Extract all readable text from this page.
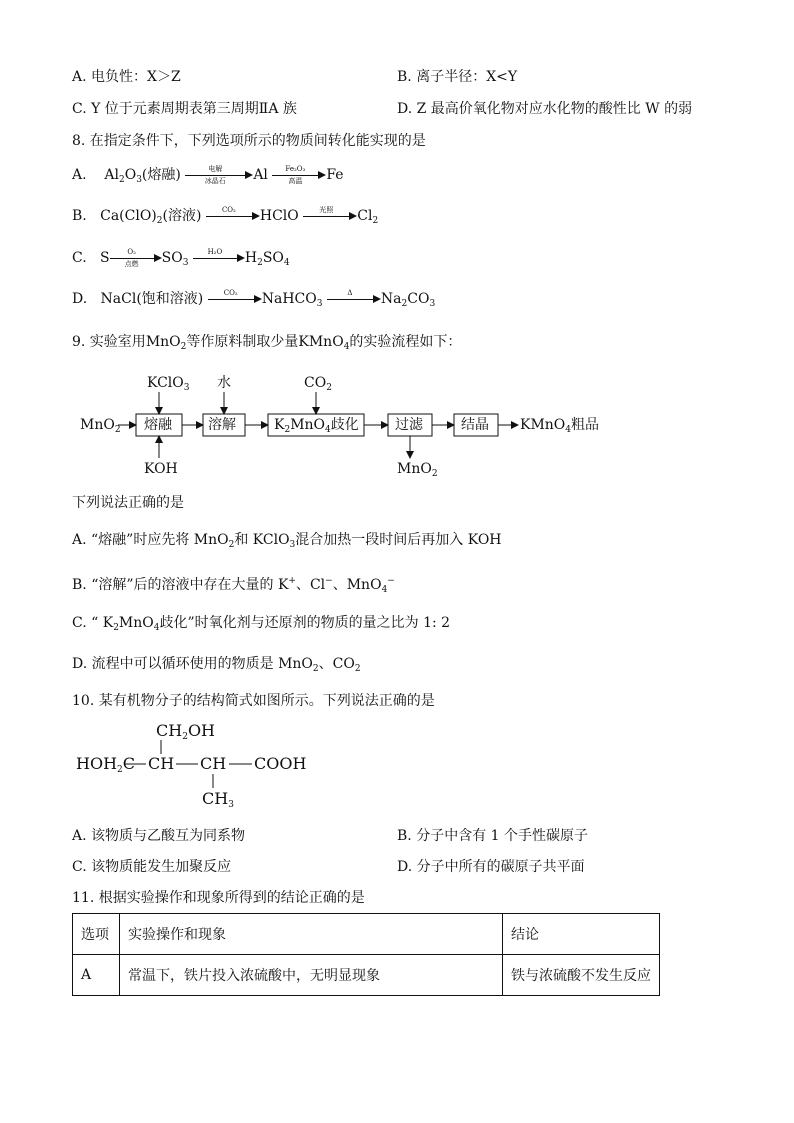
A. 电负性：X＞Z	B. 离子半径：X<Y
C. Y 位于元素周期表第三周期ⅡA 族	D. Z 最高价氧化物对应水化物的酸性比 W 的弱
8. 在指定条件下，下列选项所示的物质间转化能实现的是
A. $Al_2O_3$(熔融)	电解
冰晶石	Al	Fe₂O₃
高温	Fe
B. $Ca(ClO)_2$(溶液)	CO₂	HClO	光照	$Cl_2$
C. S	O₂
点燃	$SO_3$
H₂O	$H_2SO_4$
D. NaCl(饱和溶液)	CO₂	NaHCO$_3$
Δ	$Na_2CO_3$
9. 实验室用MnO$_2$等作原料制取少量KMnO$_4$的实验流程如下：
MnO$_2$ 熔融	溶解	$K_2MnO_4$歧化	过滤	结晶 KMnO$_4$粗品
KClO$_3$ 水	$CO_2$
KOH	MnO$_2$
下列说法正确的是
A. “熔融”时应先将 MnO$_2$和 KClO$_3$混合加热一段时间后再加入 KOH
B. “溶解”后的溶液中存在大量的 K+、Cl−、MnO$_4$−
C. “ $K_2MnO_4$歧化”时氧化剂与还原剂的物质的量之比为 1: 2
D. 流程中可以循环使用的物质是 MnO$_2$、$CO_2$
10. 某有机物分子的结构简式如图所示。下列说法正确的是
$CH_2OH$
$HOH_2C$ CH CH COOH
$CH_3$
A. 该物质与乙酸互为同系物	B. 分子中含有 1 个手性碳原子
C. 该物质能发生加聚反应	D. 分子中所有的碳原子共平面
11. 根据实验操作和现象所得到的结论正确的是
选项	实验操作和现象	结论
A	常温下，铁片投入浓硫酸中，无明显现象	铁与浓硫酸不发生反应
